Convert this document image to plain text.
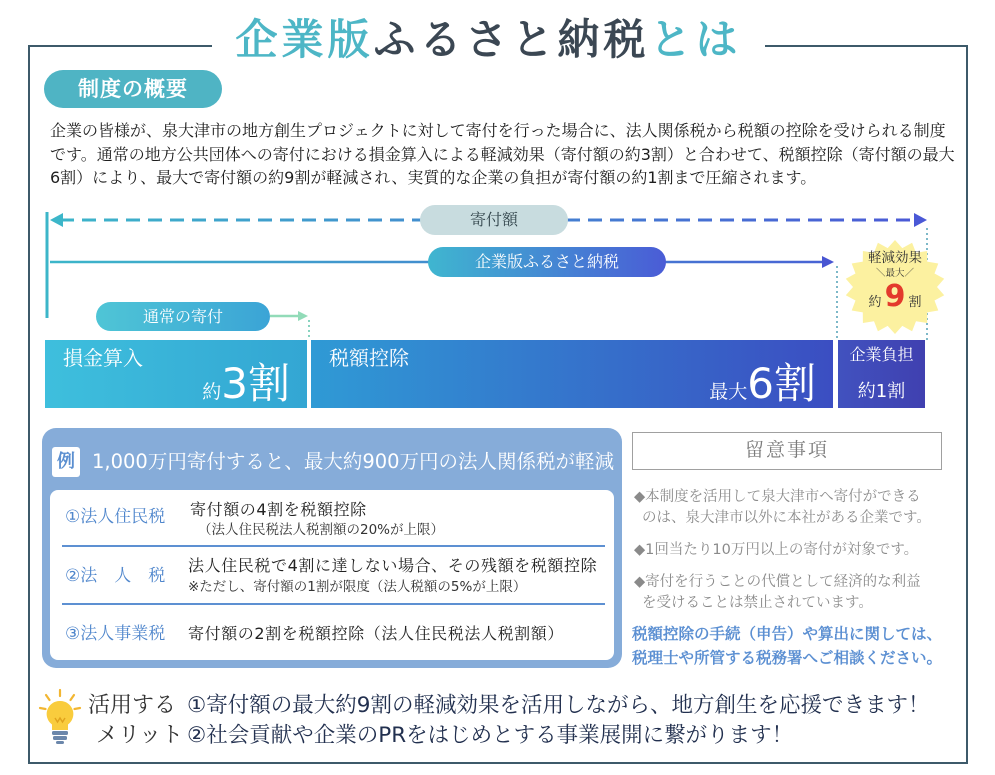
企業版ふるさと納税とは
制度の概要
企業の皆様が、泉大津市の地方創生プロジェクトに対して寄付を行った場合に、法人関係税から税額の控除を受けられる制度
です。通常の地方公共団体への寄付における損金算入による軽減効果（寄付額の約3割）と合わせて、税額控除（寄付額の最大
6割）により、最大で寄付額の約9割が軽減され、実質的な企業の負担が寄付額の約1割まで圧縮されます。
寄付額
企業版ふるさと納税
通常の寄付
損金算入
約3割
税額控除
最大6割
企業負担
約1割
軽減効果
＼最大／
約 9 割
例 1,000万円寄付すると、最大約900万円の法人関係税が軽減
①法人住民税 寄付額の4割を税額控除
（法人住民税法人税割額の20%が上限）
②法　人　税
法人住民税で4割に達しない場合、その残額を税額控除
※ただし、寄付額の1割が限度（法人税額の5%が上限）
③法人事業税 寄付額の2割を税額控除（法人住民税法人税割額）
留意事項
◆本制度を活用して泉大津市へ寄付ができる
のは、泉大津市以外に本社がある企業です。
◆1回当たり10万円以上の寄付が対象です。
◆寄付を行うことの代償として経済的な利益
を受けることは禁止されています。
税額控除の手続（申告）や算出に関しては、
税理士や所管する税務署へご相談ください。
活用する
メリット
①寄付額の最大約9割の軽減効果を活用しながら、地方創生を応援できます！
②社会貢献や企業のPRをはじめとする事業展開に繋がります！
